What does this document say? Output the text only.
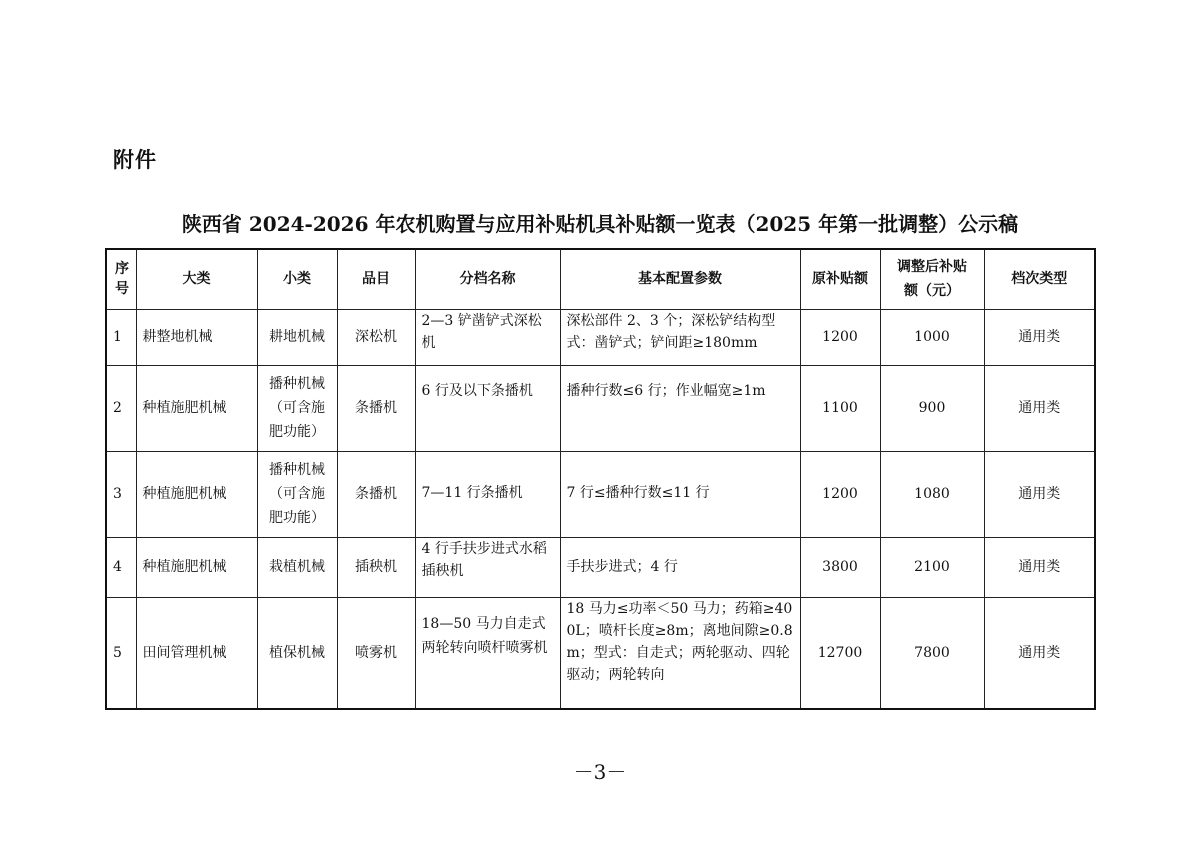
附件
陕西省 2024-2026 年农机购置与应用补贴机具补贴额一览表（2025 年第一批调整）公示稿
序号	大类	小类	品目	分档名称	基本配置参数	原补贴额	调整后补贴额（元）	档次类型
1	耕整地机械	耕地机械	深松机	2—3 铲凿铲式深松机	深松部件 2、3 个；深松铲结构型式：凿铲式；铲间距≥180mm	1200	1000	通用类
2	种植施肥机械	播种机械（可含施肥功能）	条播机	6 行及以下条播机	播种行数≤6 行；作业幅宽≥1m	1100	900	通用类
3	种植施肥机械	播种机械（可含施肥功能）	条播机	7—11 行条播机	7 行≤播种行数≤11 行	1200	1080	通用类
4	种植施肥机械	栽植机械	插秧机	4 行手扶步进式水稻插秧机	手扶步进式；4 行	3800	2100	通用类
5	田间管理机械	植保机械	喷雾机	18—50 马力自走式两轮转向喷杆喷雾机	18 马力≤功率＜50 马力；药箱≥400L；喷杆长度≥8m；离地间隙≥0.8m；型式：自走式；两轮驱动、四轮驱动；两轮转向	12700	7800	通用类
－3－
